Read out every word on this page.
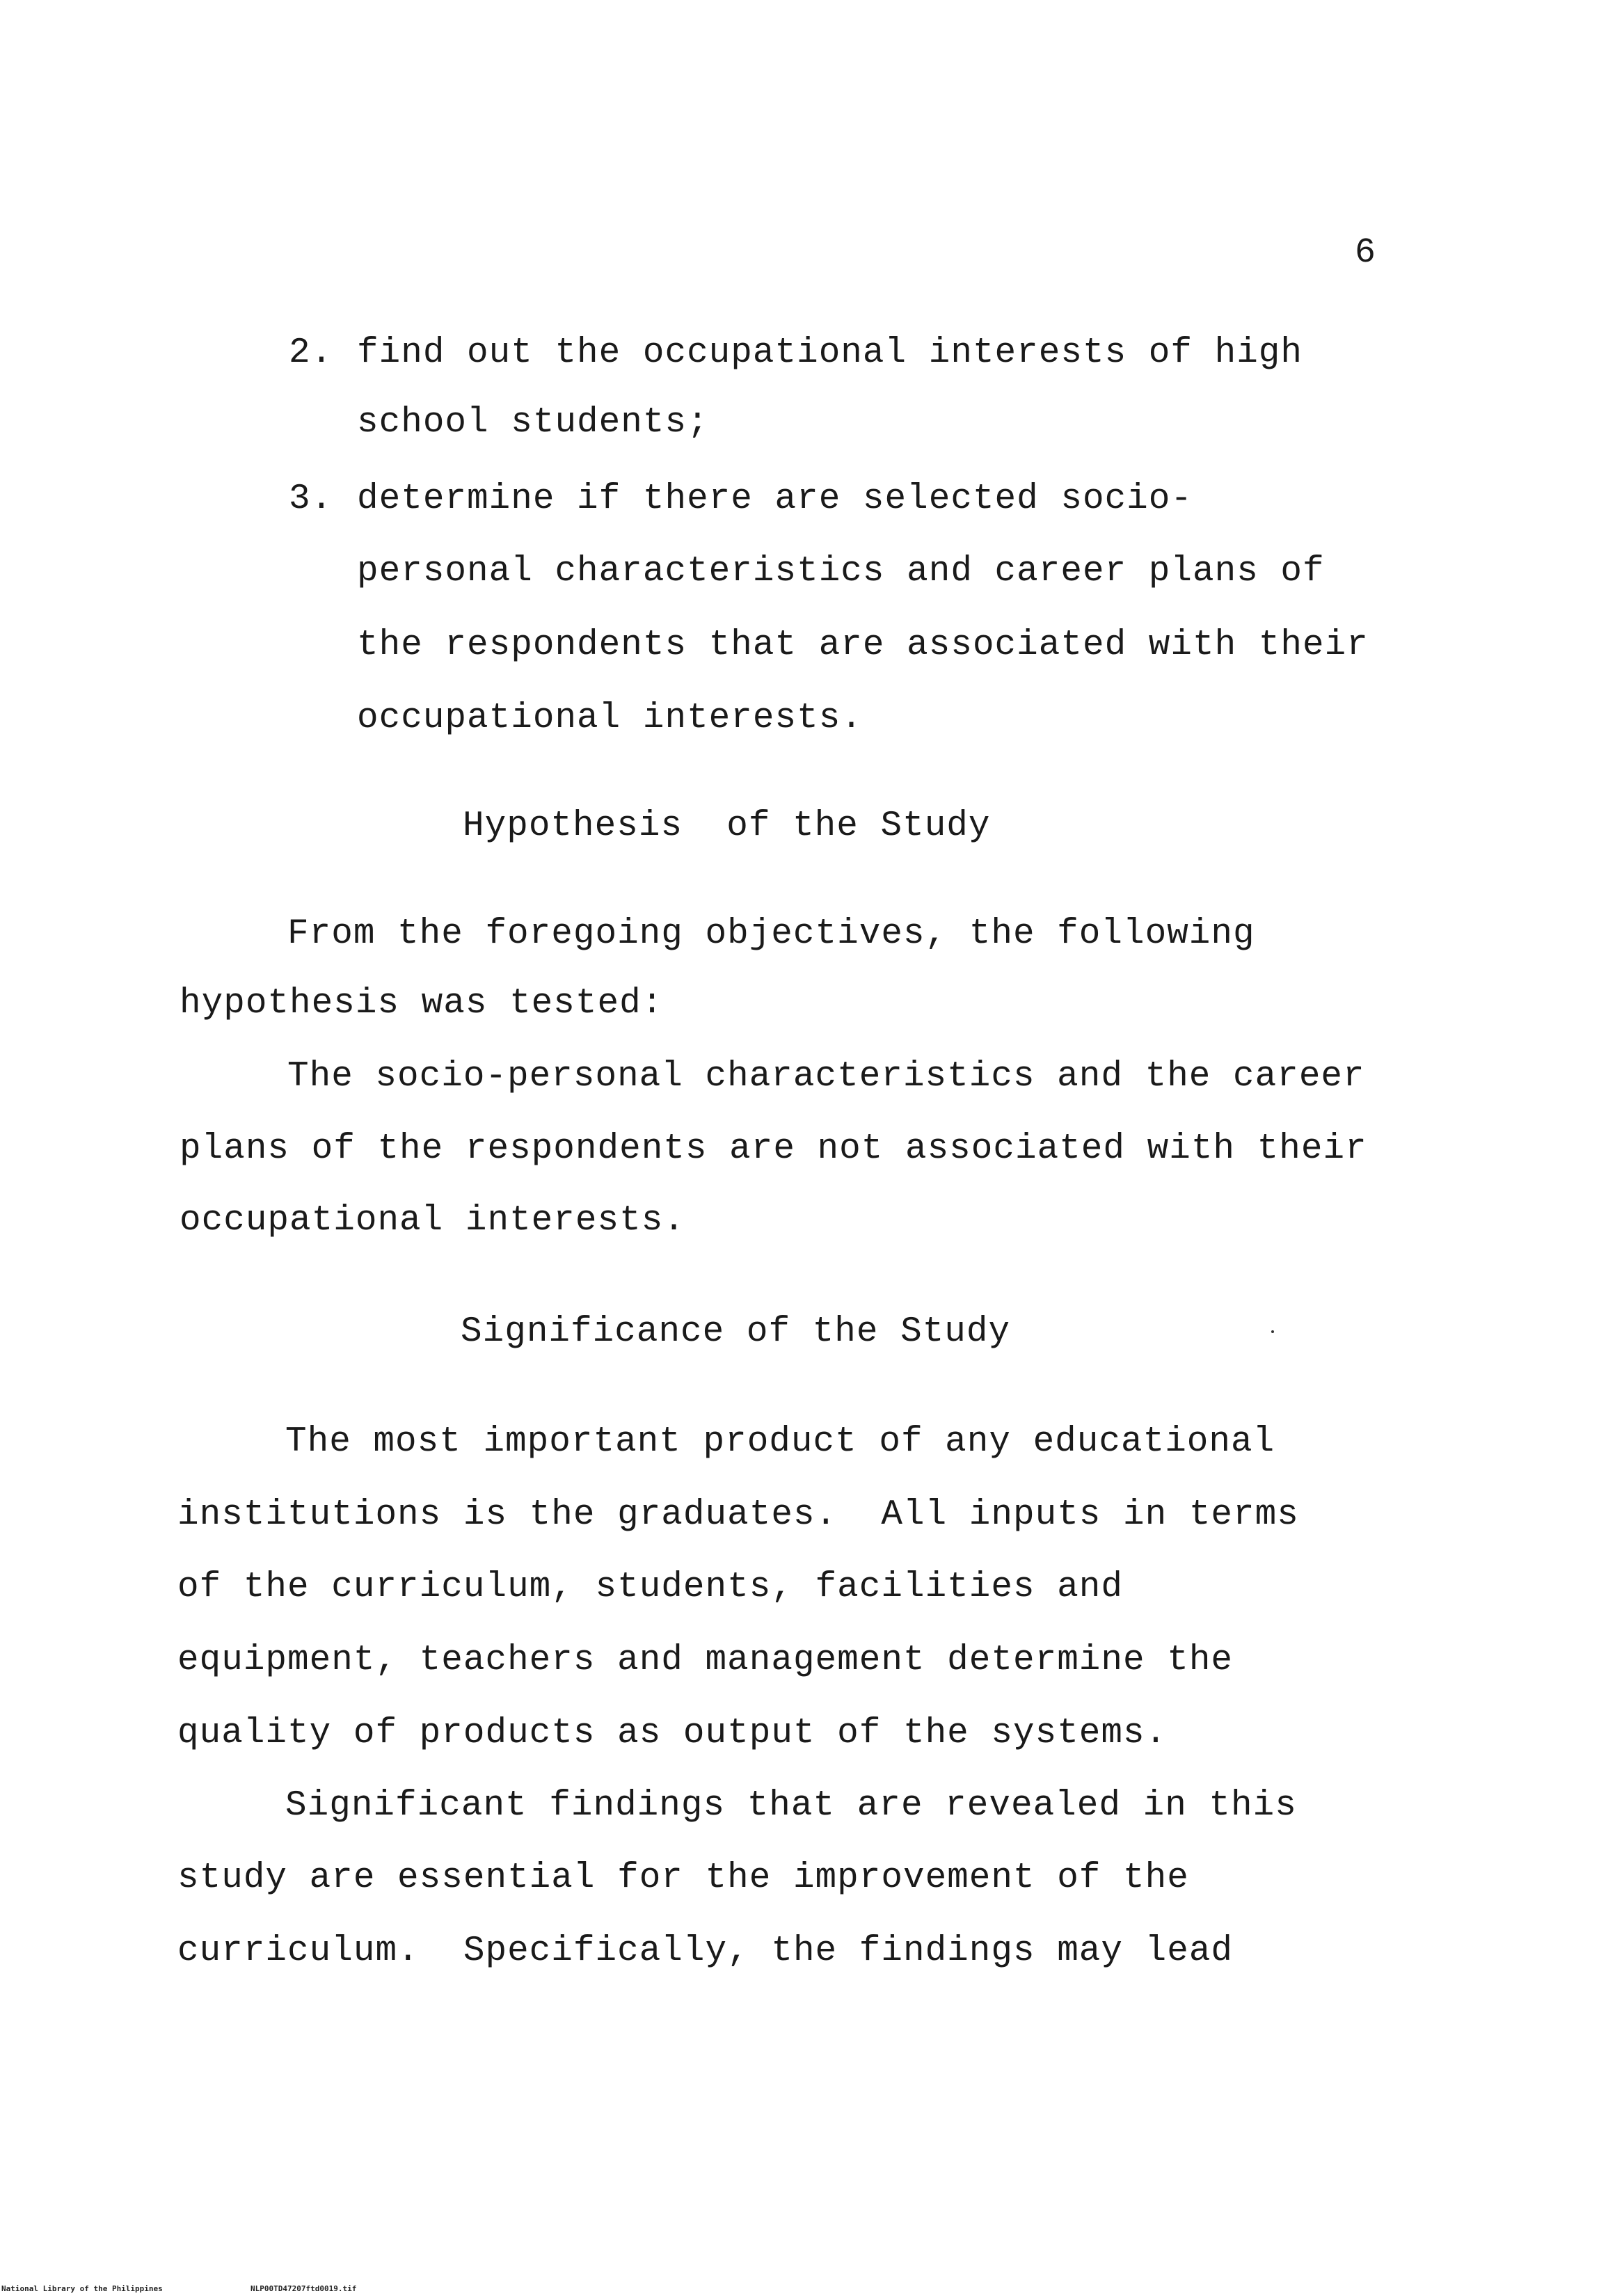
6
2. find out the occupational interests of high
school students;
3. determine if there are selected socio-
personal characteristics and career plans of
the respondents that are associated with their
occupational interests.
Hypothesis  of the Study
From the foregoing objectives, the following
hypothesis was tested:
The socio-personal characteristics and the career
plans of the respondents are not associated with their
occupational interests.
Significance of the Study
The most important product of any educational
institutions is the graduates.  All inputs in terms
of the curriculum, students, facilities and
equipment, teachers and management determine the
quality of products as output of the systems.
Significant findings that are revealed in this
study are essential for the improvement of the
curriculum.  Specifically, the findings may lead
National Library of the Philippines	NLP00TD47207ftd0019.tif
